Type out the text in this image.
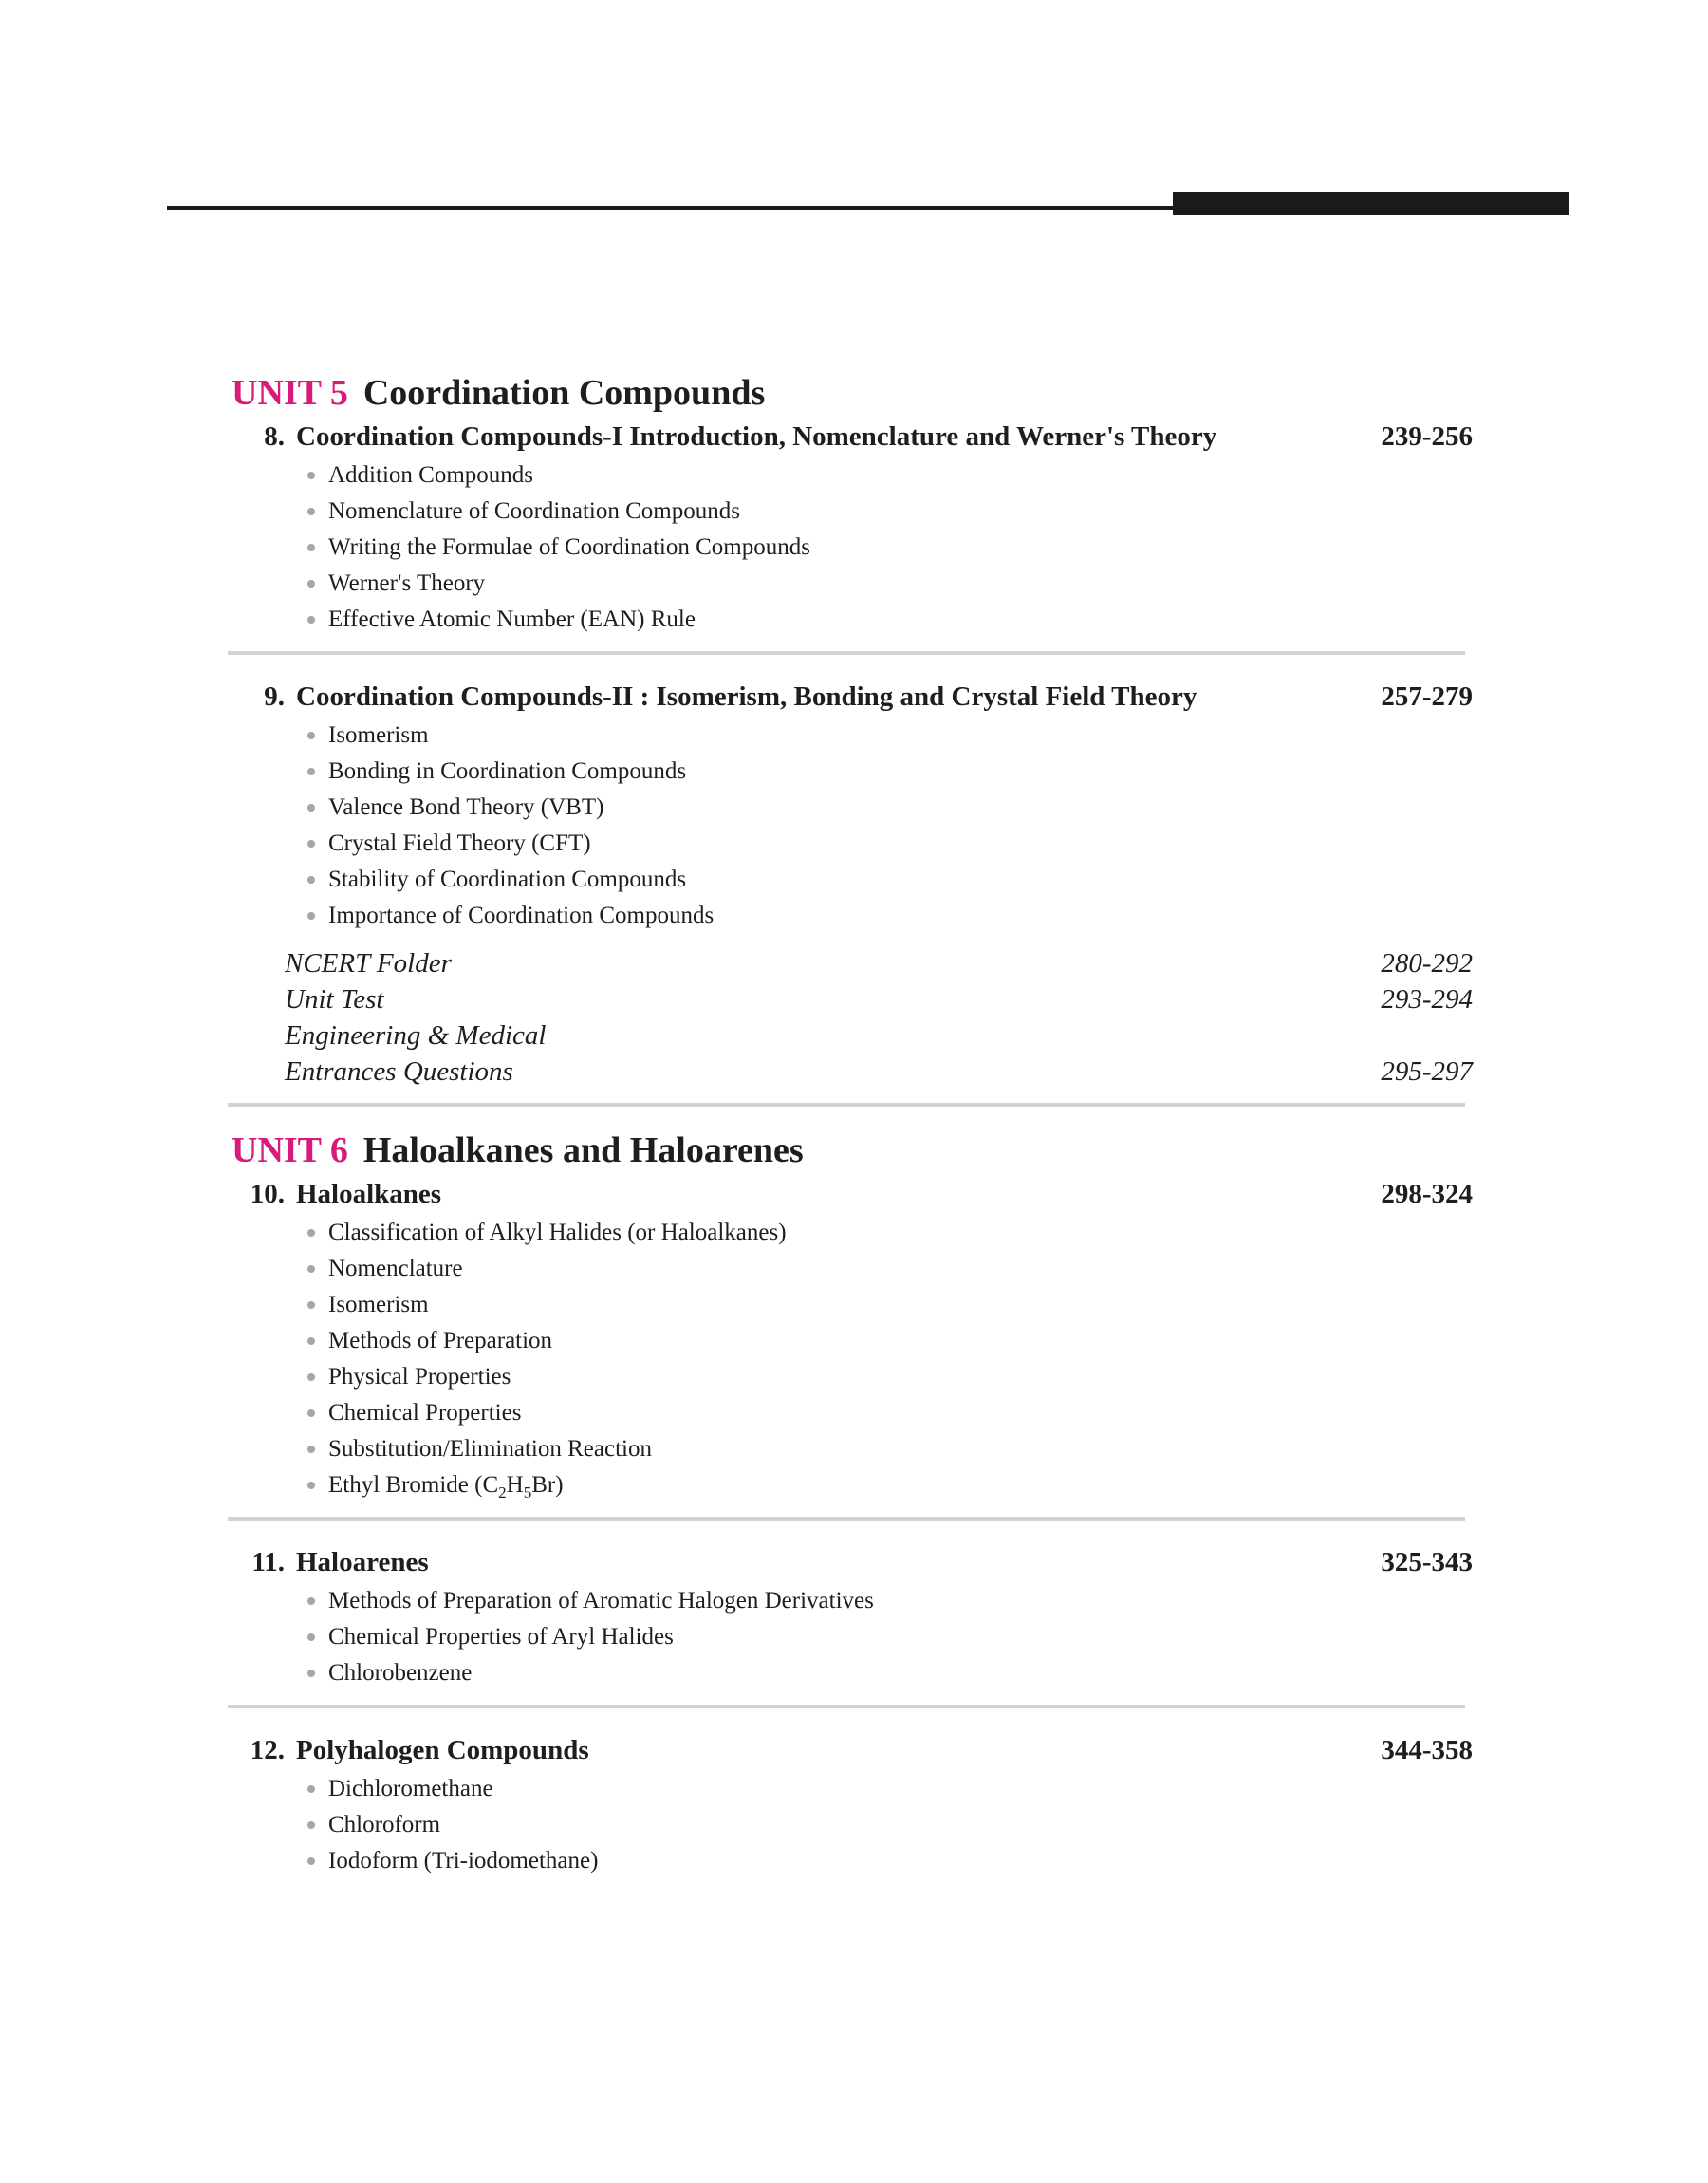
UNIT 5 Coordination Compounds
8. Coordination Compounds-I Introduction, Nomenclature and Werner's Theory	239-256
Addition Compounds
Nomenclature of Coordination Compounds
Writing the Formulae of Coordination Compounds
Werner's Theory
Effective Atomic Number (EAN) Rule
9. Coordination Compounds-II : Isomerism, Bonding and Crystal Field Theory	257-279
Isomerism
Bonding in Coordination Compounds
Valence Bond Theory (VBT)
Crystal Field Theory (CFT)
Stability of Coordination Compounds
Importance of Coordination Compounds
NCERT Folder	280-292
Unit Test	293-294
Engineering & Medical
Entrances Questions	295-297
UNIT 6 Haloalkanes and Haloarenes
10. Haloalkanes	298-324
Classification of Alkyl Halides (or Haloalkanes)
Nomenclature
Isomerism
Methods of Preparation
Physical Properties
Chemical Properties
Substitution/Elimination Reaction
Ethyl Bromide $(C_2H_5Br)$
11. Haloarenes	325-343
Methods of Preparation of Aromatic Halogen Derivatives
Chemical Properties of Aryl Halides
Chlorobenzene
12. Polyhalogen Compounds	344-358
Dichloromethane
Chloroform
Iodoform (Tri-iodomethane)
